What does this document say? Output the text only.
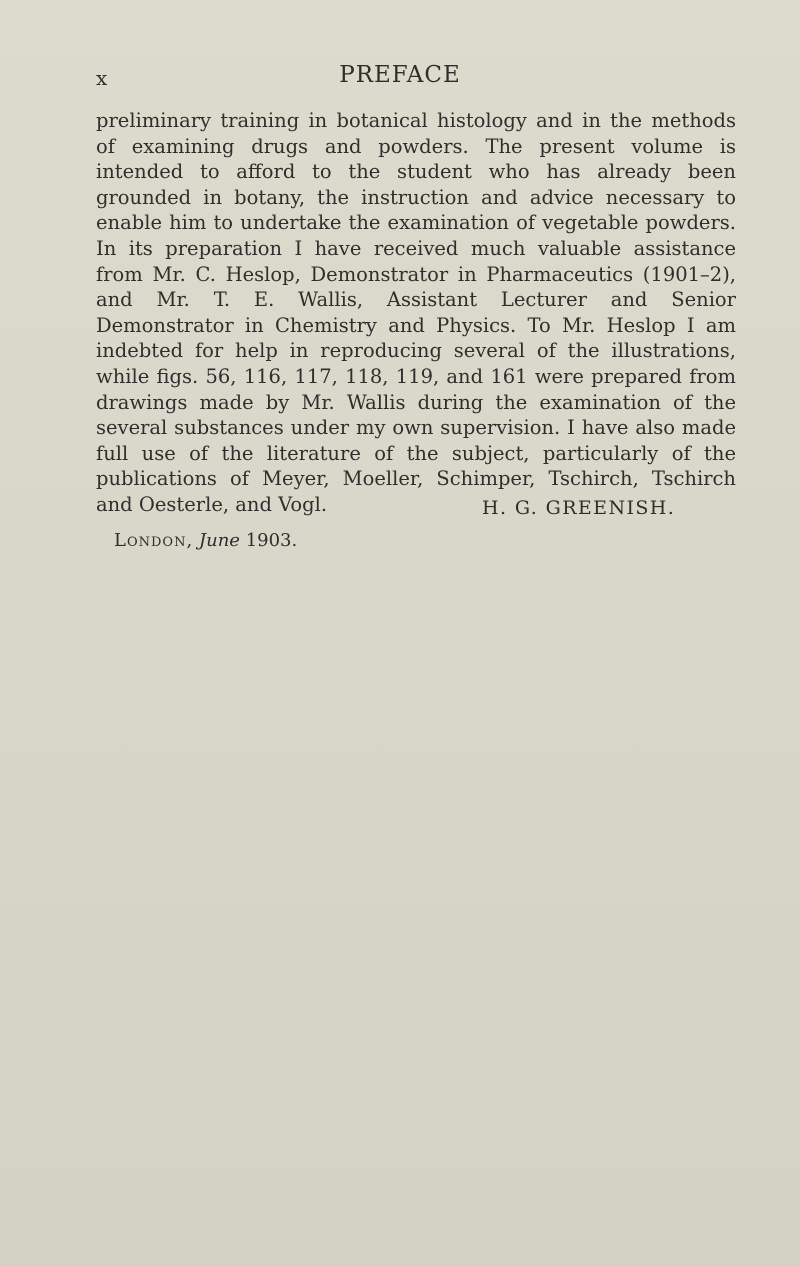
x	PREFACE

preliminary training in botanical histology and in the methods of examining drugs and powders. The present volume is intended to afford to the student who has already been grounded in botany, the instruction and advice necessary to enable him to undertake the examination of vegetable powders. In its preparation I have received much valuable assistance from Mr. C. Heslop, Demonstrator in Pharmaceutics (1901–2), and Mr. T. E. Wallis, Assistant Lecturer and Senior Demonstrator in Chemistry and Physics. To Mr. Heslop I am indebted for help in reproducing several of the illustrations, while figs. 56, 116, 117, 118, 119, and 161 were prepared from drawings made by Mr. Wallis during the examination of the several substances under my own supervision. I have also made full use of the literature of the subject, particularly of the publications of Meyer, Moeller, Schimper, Tschirch, Tschirch and Oesterle, and Vogl.	H. G. GREENISH.
London, June 1903.
